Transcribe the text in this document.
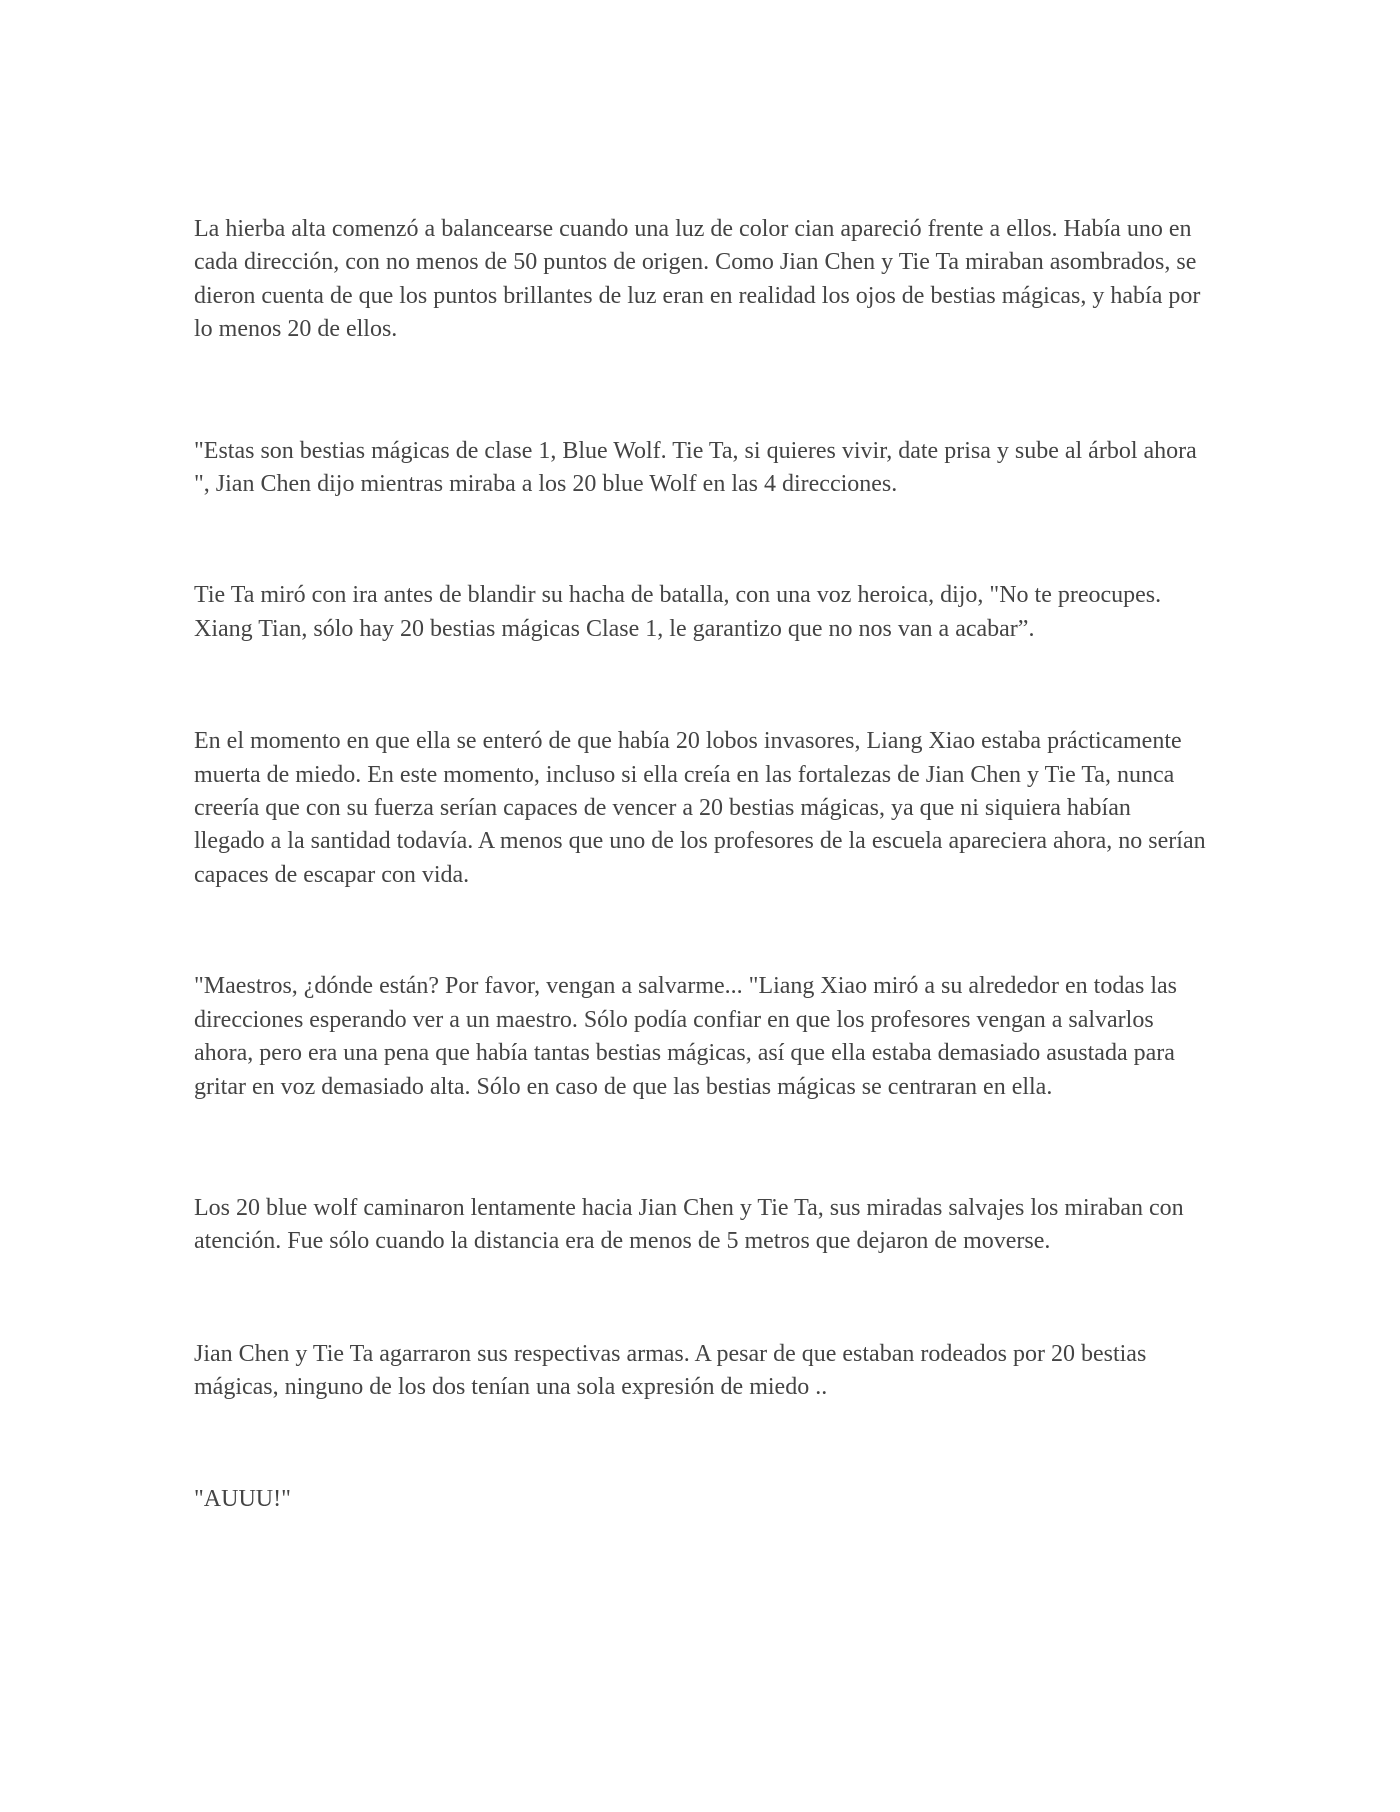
La hierba alta comenzó a balancearse cuando una luz de color cian apareció frente a ellos. Había uno en cada dirección, con no menos de 50 puntos de origen. Como Jian Chen y Tie Ta miraban asombrados, se dieron cuenta de que los puntos brillantes de luz eran en realidad los ojos de bestias mágicas, y había por lo menos 20 de ellos.

"Estas son bestias mágicas de clase 1, Blue Wolf. Tie Ta, si quieres vivir, date prisa y sube al árbol ahora ", Jian Chen dijo mientras miraba a los 20 blue Wolf en las 4 direcciones.

Tie Ta miró con ira antes de blandir su hacha de batalla, con una voz heroica, dijo, "No te preocupes. Xiang Tian, sólo hay 20 bestias mágicas Clase 1, le garantizo que no nos van a acabar”.

En el momento en que ella se enteró de que había 20 lobos invasores, Liang Xiao estaba prácticamente muerta de miedo. En este momento, incluso si ella creía en las fortalezas de Jian Chen y Tie Ta, nunca creería que con su fuerza serían capaces de vencer a 20 bestias mágicas, ya que ni siquiera habían llegado a la santidad todavía. A menos que uno de los profesores de la escuela apareciera ahora, no serían capaces de escapar con vida.

"Maestros, ¿dónde están? Por favor, vengan a salvarme... "Liang Xiao miró a su alrededor en todas las direcciones esperando ver a un maestro. Sólo podía confiar en que los profesores vengan a salvarlos ahora, pero era una pena que había tantas bestias mágicas, así que ella estaba demasiado asustada para gritar en voz demasiado alta. Sólo en caso de que las bestias mágicas se centraran en ella.

Los 20 blue wolf caminaron lentamente hacia Jian Chen y Tie Ta, sus miradas salvajes los miraban con atención. Fue sólo cuando la distancia era de menos de 5 metros que dejaron de moverse.

Jian Chen y Tie Ta agarraron sus respectivas armas. A pesar de que estaban rodeados por 20 bestias mágicas, ninguno de los dos tenían una sola expresión de miedo ..

"AUUU!"
